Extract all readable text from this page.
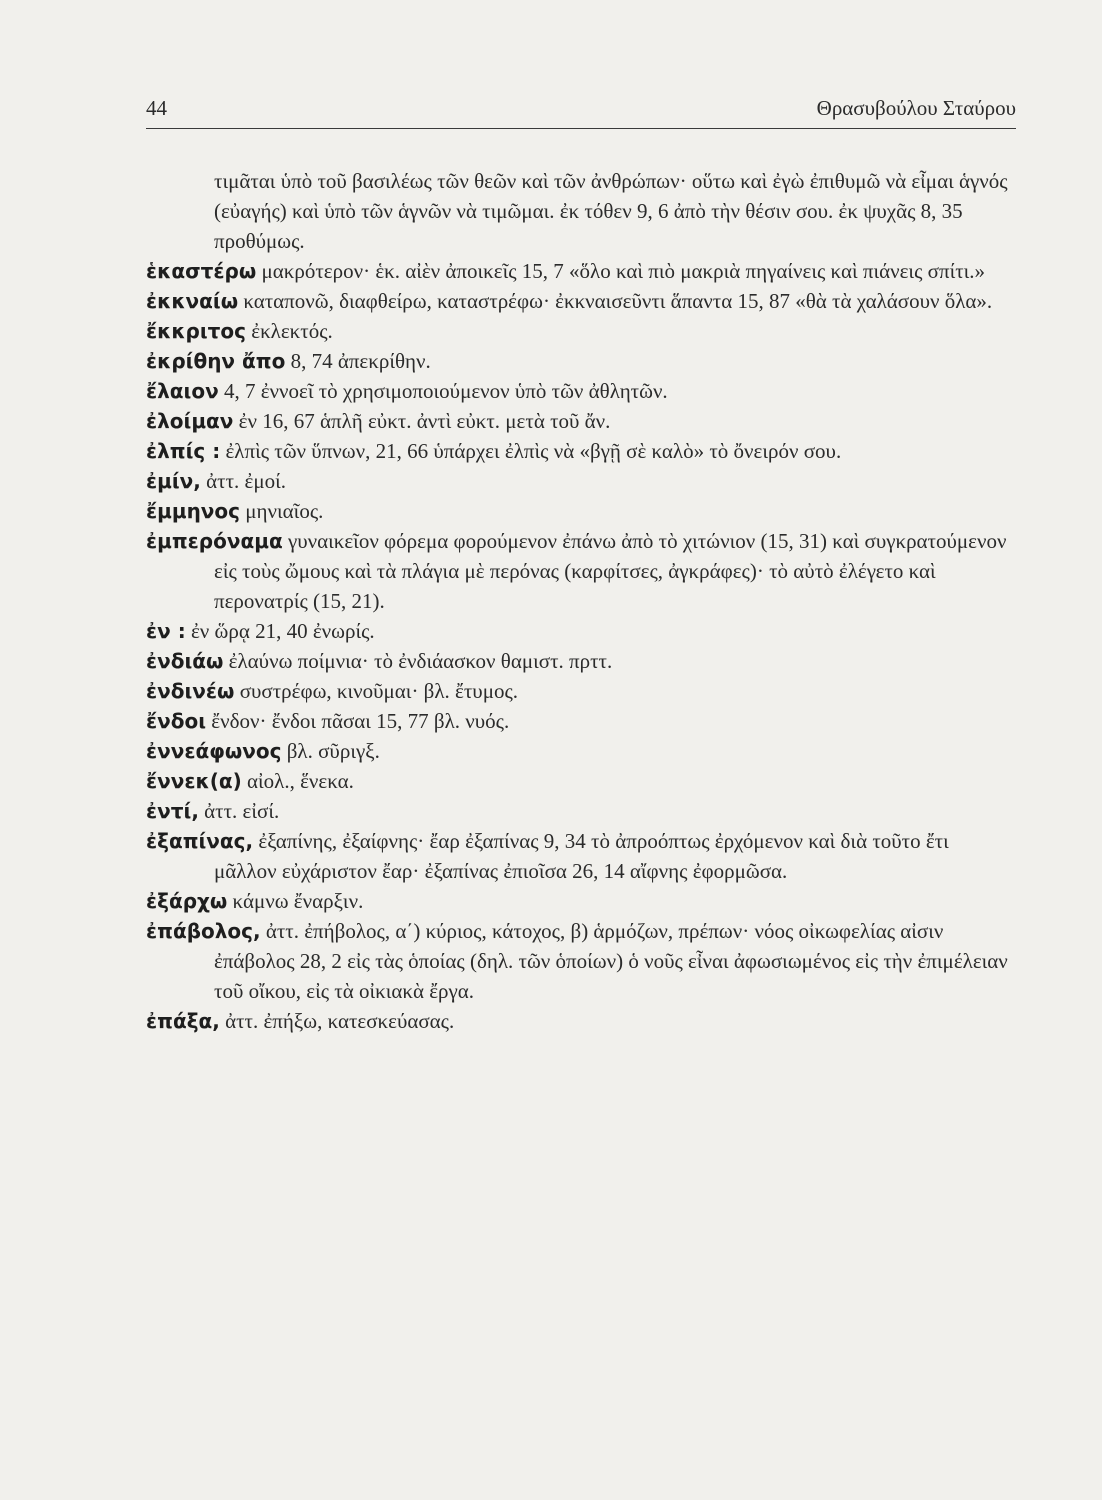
44	Θρασυβούλου Σταύρου

τιμᾶται ὑπὸ τοῦ βασιλέως τῶν θεῶν καὶ τῶν ἀνθρώπων· οὕτω καὶ ἐγὼ ἐπιθυμῶ νὰ εἶμαι ἁγνός (εὐαγής) καὶ ὑπὸ τῶν ἁγνῶν νὰ τιμῶμαι. ἐκ τόθεν 9, 6 ἀπὸ τὴν θέσιν σου. ἐκ ψυχᾶς 8, 35 προθύμως.

ἑκαστέρω μακρότερον· ἑκ. αἰὲν ἀποικεῖς 15, 7 «ὅλο καὶ πιὸ μακριὰ πηγαίνεις καὶ πιάνεις σπίτι.»

ἐκκναίω καταπονῶ, διαφθείρω, καταστρέφω· ἐκκναισεῦντι ἅπαντα 15, 87 «θὰ τὰ χαλάσουν ὅλα».

ἔκκριτος ἐκλεκτός.

ἐκρίθην ἄπο 8, 74 ἀπεκρίθην.

ἔλαιον 4, 7 ἐννοεῖ τὸ χρησιμοποιούμενον ὑπὸ τῶν ἀθλητῶν.

ἐλοίμαν ἐν 16, 67 ἁπλῆ εὐκτ. ἀντὶ εὐκτ. μετὰ τοῦ ἄν.

ἐλπίς : ἐλπὶς τῶν ὕπνων, 21, 66 ὑπάρχει ἐλπὶς νὰ «βγῇ σὲ καλὸ» τὸ ὄνειρόν σου.

ἐμίν, ἀττ. ἐμοί.

ἔμμηνος μηνιαῖος.

ἐμπερόναμα γυναικεῖον φόρεμα φορούμενον ἐπάνω ἀπὸ τὸ χιτώνιον (15, 31) καὶ συγκρατούμενον εἰς τοὺς ὤμους καὶ τὰ πλάγια μὲ περόνας (καρφίτσες, ἀγκράφες)· τὸ αὐτὸ ἐλέγετο καὶ περονατρίς (15, 21).

ἐν : ἐν ὥρᾳ 21, 40 ἐνωρίς.

ἐνδιάω ἐλαύνω ποίμνια· τὸ ἐνδιάασκον θαμιστ. πρττ.

ἐνδινέω συστρέφω, κινοῦμαι· βλ. ἔτυμος.

ἔνδοι ἔνδον· ἔνδοι πᾶσαι 15, 77 βλ. νυός.

ἐννεάφωνος βλ. σῦριγξ.

ἔννεκ(α) αἰολ., ἕνεκα.

ἐντί, ἀττ. εἰσί.

ἐξαπίνας, ἐξαπίνης, ἐξαίφνης· ἔαρ ἐξαπίνας 9, 34 τὸ ἀπροόπτως ἐρχόμενον καὶ διὰ τοῦτο ἔτι μᾶλλον εὐχάριστον ἔαρ· ἐξαπίνας ἐπιοῖσα 26, 14 αἴφνης ἐφορμῶσα.

ἐξάρχω κάμνω ἔναρξιν.

ἐπάβολος, ἀττ. ἐπήβολος, α΄) κύριος, κάτοχος, β) ἁρμόζων, πρέπων· νόος οἰκωφελίας αἰσιν ἐπάβολος 28, 2 εἰς τὰς ὁποίας (δηλ. τῶν ὁποίων) ὁ νοῦς εἶναι ἀφωσιωμένος εἰς τὴν ἐπιμέλειαν τοῦ οἴκου, εἰς τὰ οἰκιακὰ ἔργα.

ἐπάξα, ἀττ. ἐπήξω, κατεσκεύασας.
